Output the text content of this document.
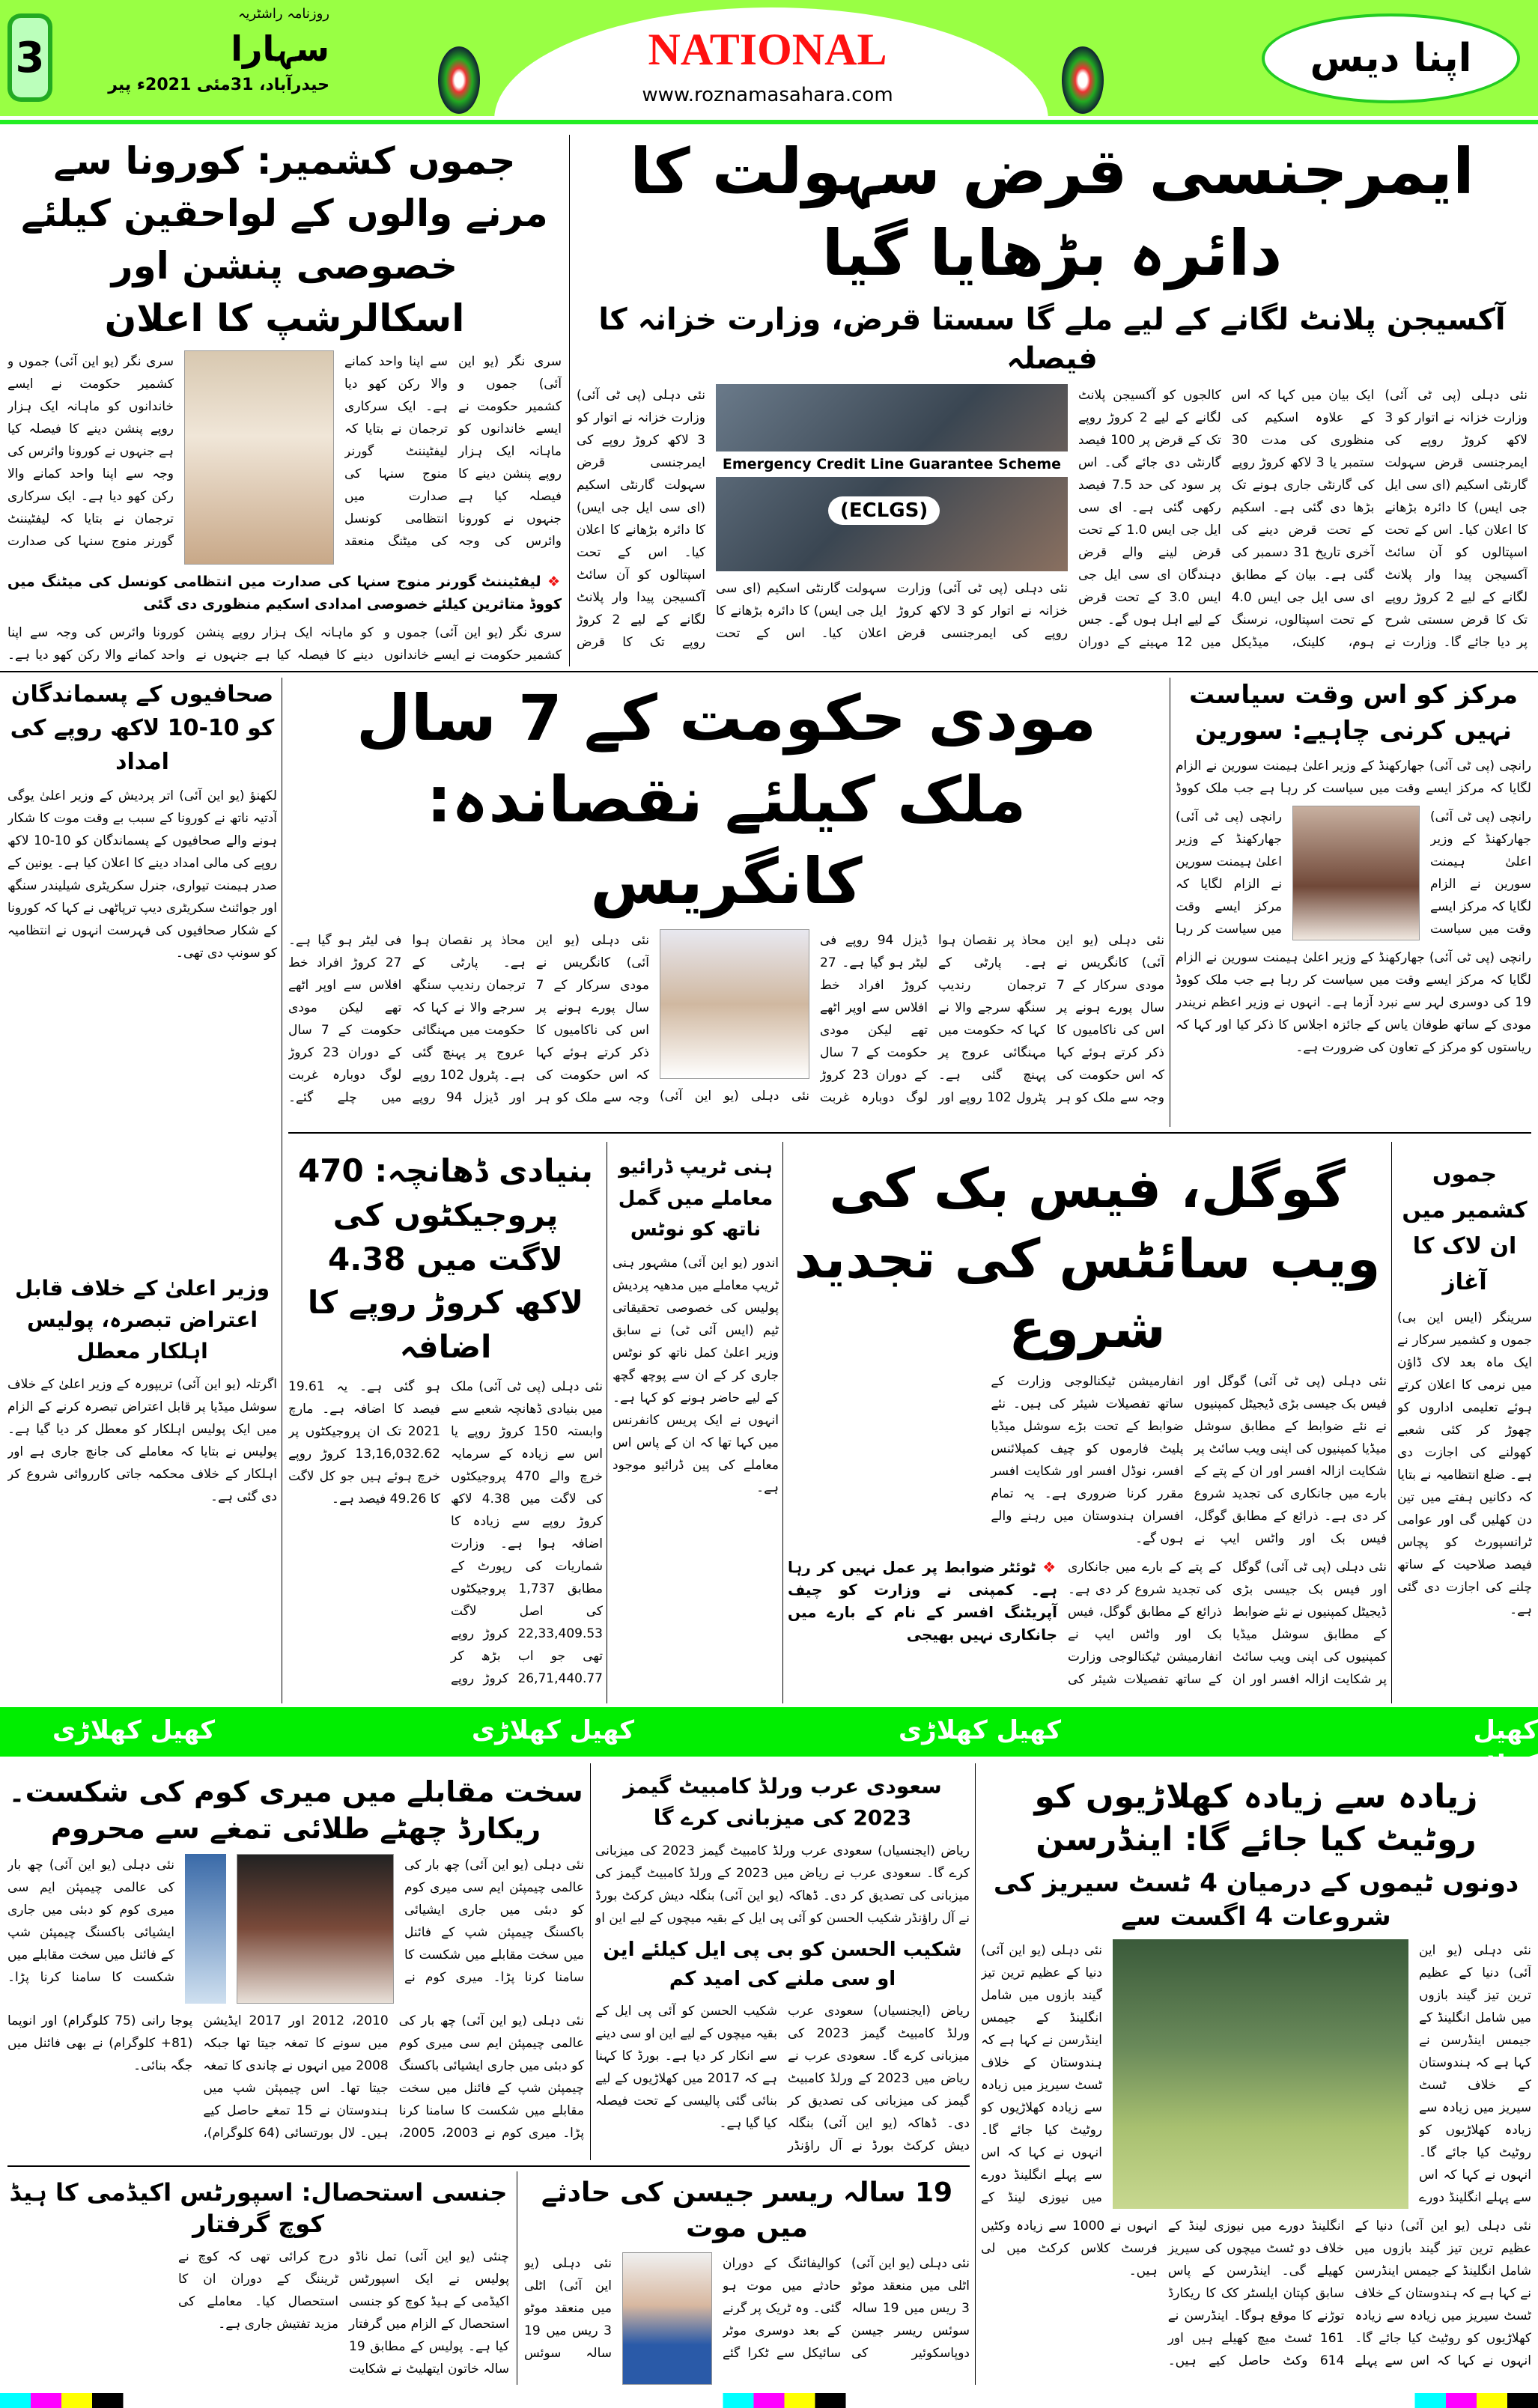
3
روزنامہ راشٹریہ
سہارا
حیدرآباد، 31مئی 2021ء پیر
NATIONAL
www.roznamasahara.com
اپنا دیس
ایمرجنسی قرض سہولت کا دائرہ بڑھایا گیا
آکسیجن پلانٹ لگانے کے لیے ملے گا سستا قرض، وزارت خزانہ کا فیصلہ
نئی دہلی (پی ٹی آئی) وزارت خزانہ نے اتوار کو 3 لاکھ کروڑ روپے کی ایمرجنسی قرض سہولت گارنٹی اسکیم (ای سی ایل جی ایس) کا دائرہ بڑھانے کا اعلان کیا۔ اس کے تحت اسپتالوں کو آن سائٹ آکسیجن پیدا وار پلانٹ لگانے کے لیے 2 کروڑ روپے تک کا قرض سستی شرح پر دیا جائے گا۔ وزارت نے ایک بیان میں کہا کہ اس کے علاوہ اسکیم کی منظوری کی مدت 30 ستمبر یا 3 لاکھ کروڑ روپے کی گارنٹی جاری ہونے تک بڑھا دی گئی ہے۔ اسکیم کے تحت قرض دینے کی آخری تاریخ 31 دسمبر کی گئی ہے۔ بیان کے مطابق ای سی ایل جی ایس 4.0 کے تحت اسپتالوں، نرسنگ ہوم، کلینک، میڈیکل کالجوں کو آکسیجن پلانٹ لگانے کے لیے 2 کروڑ روپے تک کے قرض پر 100 فیصد گارنٹی دی جائے گی۔ اس پر سود کی حد 7.5 فیصد رکھی گئی ہے۔ ای سی ایل جی ایس 1.0 کے تحت قرض لینے والے قرض دہندگان ای سی ایل جی ایس 3.0 کے تحت قرض کے لیے اہل ہوں گے۔ جس میں 12 مہینے کے دوران
Emergency Credit Line Guarantee Scheme
(ECLGS)
نئی دہلی (پی ٹی آئی) وزارت خزانہ نے اتوار کو 3 لاکھ کروڑ روپے کی ایمرجنسی قرض سہولت گارنٹی اسکیم (ای سی ایل جی ایس) کا دائرہ بڑھانے کا اعلان کیا۔ اس کے تحت
نئی دہلی (پی ٹی آئی) وزارت خزانہ نے اتوار کو 3 لاکھ کروڑ روپے کی ایمرجنسی قرض سہولت گارنٹی اسکیم (ای سی ایل جی ایس) کا دائرہ بڑھانے کا اعلان کیا۔ اس کے تحت اسپتالوں کو آن سائٹ آکسیجن پیدا وار پلانٹ لگانے کے لیے 2 کروڑ روپے تک کا قرض
جموں کشمیر: کورونا سے مرنے والوں کے لواحقین کیلئے خصوصی پنشن اور اسکالرشپ کا اعلان
سری نگر (یو این آئی) جموں و کشمیر حکومت نے ایسے خاندانوں کو ماہانہ ایک ہزار روپے پنشن دینے کا فیصلہ کیا ہے جنہوں نے کورونا وائرس کی وجہ سے اپنا واحد کمانے والا رکن کھو دیا ہے۔ ایک سرکاری ترجمان نے بتایا کہ لیفٹیننٹ گورنر منوج سنہا کی صدارت میں انتظامی کونسل کی میٹنگ منعقد
سری نگر (یو این آئی) جموں و کشمیر حکومت نے ایسے خاندانوں کو ماہانہ ایک ہزار روپے پنشن دینے کا فیصلہ کیا ہے جنہوں نے کورونا وائرس کی وجہ سے اپنا واحد کمانے والا رکن کھو دیا ہے۔ ایک سرکاری ترجمان نے بتایا کہ لیفٹیننٹ گورنر منوج سنہا کی صدارت
❖ لیفٹیننٹ گورنر منوج سنہا کی صدارت میں انتظامی کونسل کی میٹنگ میں کووڈ متاثرین کیلئے خصوصی امدادی اسکیم منظوری دی گئی
سری نگر (یو این آئی) جموں و کشمیر حکومت نے ایسے خاندانوں کو ماہانہ ایک ہزار روپے پنشن دینے کا فیصلہ کیا ہے جنہوں نے کورونا وائرس کی وجہ سے اپنا واحد کمانے والا رکن کھو دیا ہے۔
صحافیوں کے پسماندگان کو 10-10 لاکھ روپے کی امداد
لکھنؤ (یو این آئی) اتر پردیش کے وزیر اعلیٰ یوگی آدتیہ ناتھ نے کورونا کے سبب بے وقت موت کا شکار ہونے والے صحافیوں کے پسماندگان کو 10-10 لاکھ روپے کی مالی امداد دینے کا اعلان کیا ہے۔ یونین کے صدر ہیمنت تیواری، جنرل سکریٹری شیلیندر سنگھ اور جوائنٹ سکریٹری دیپ ترپاٹھی نے کہا کہ کورونا کے شکار صحافیوں کی فہرست انہوں نے انتظامیہ کو سونپ دی تھی۔
مودی حکومت کے 7 سال ملک کیلئے نقصاندہ: کانگریس
نئی دہلی (یو این آئی) کانگریس نے مودی سرکار کے 7 سال پورے ہونے پر اس کی ناکامیوں کا ذکر کرتے ہوئے کہا کہ اس حکومت کی وجہ سے ملک کو ہر محاذ پر نقصان ہوا ہے۔ پارٹی کے ترجمان رندیپ سنگھ سرجے والا نے کہا کہ حکومت میں مہنگائی عروج پر پہنچ گئی ہے۔ پٹرول 102 روپے اور ڈیزل 94 روپے فی لیٹر ہو گیا ہے۔ 27 کروڑ افراد خط افلاس سے اوپر اٹھے تھے لیکن مودی حکومت کے 7 سال کے دوران 23 کروڑ لوگ دوبارہ غربت
نئی دہلی (یو این آئی)
نئی دہلی (یو این آئی) کانگریس نے مودی سرکار کے 7 سال پورے ہونے پر اس کی ناکامیوں کا ذکر کرتے ہوئے کہا کہ اس حکومت کی وجہ سے ملک کو ہر محاذ پر نقصان ہوا ہے۔ پارٹی کے ترجمان رندیپ سنگھ سرجے والا نے کہا کہ حکومت میں مہنگائی عروج پر پہنچ گئی ہے۔ پٹرول 102 روپے اور ڈیزل 94 روپے فی لیٹر ہو گیا ہے۔ 27 کروڑ افراد خط افلاس سے اوپر اٹھے تھے لیکن مودی حکومت کے 7 سال کے دوران 23 کروڑ لوگ دوبارہ غربت میں چلے گئے۔
مرکز کو اس وقت سیاست نہیں کرنی چاہیے: سورین
رانچی (پی ٹی آئی) جھارکھنڈ کے وزیر اعلیٰ ہیمنت سورین نے الزام لگایا کہ مرکز ایسے وقت میں سیاست کر رہا ہے جب ملک کووڈ
رانچی (پی ٹی آئی) جھارکھنڈ کے وزیر اعلیٰ ہیمنت سورین نے الزام لگایا کہ مرکز ایسے وقت میں سیاست
رانچی (پی ٹی آئی) جھارکھنڈ کے وزیر اعلیٰ ہیمنت سورین نے الزام لگایا کہ مرکز ایسے وقت میں سیاست کر رہا
رانچی (پی ٹی آئی) جھارکھنڈ کے وزیر اعلیٰ ہیمنت سورین نے الزام لگایا کہ مرکز ایسے وقت میں سیاست کر رہا ہے جب ملک کووڈ 19 کی دوسری لہر سے نبرد آزما ہے۔ انہوں نے وزیر اعظم نریندر مودی کے ساتھ طوفان یاس کے جائزہ اجلاس کا ذکر کیا اور کہا کہ ریاستوں کو مرکز کے تعاون کی ضرورت ہے۔
وزیر اعلیٰ کے خلاف قابل اعتراض تبصرہ، پولیس اہلکار معطل
اگرتلہ (یو این آئی) تریپورہ کے وزیر اعلیٰ کے خلاف سوشل میڈیا پر قابل اعتراض تبصرہ کرنے کے الزام میں ایک پولیس اہلکار کو معطل کر دیا گیا ہے۔ پولیس نے بتایا کہ معاملے کی جانچ جاری ہے اور اہلکار کے خلاف محکمہ جاتی کارروائی شروع کر دی گئی ہے۔
بنیادی ڈھانچہ: 470 پروجیکٹوں کی لاگت میں 4.38 لاکھ کروڑ روپے کا اضافہ
نئی دہلی (پی ٹی آئی) ملک میں بنیادی ڈھانچہ شعبے سے وابستہ 150 کروڑ روپے یا اس سے زیادہ کے سرمایہ خرچ والے 470 پروجیکٹوں کی لاگت میں 4.38 لاکھ کروڑ روپے سے زیادہ کا اضافہ ہوا ہے۔ وزارت شماریات کی رپورٹ کے مطابق 1,737 پروجیکٹوں کی اصل لاگت 22,33,409.53 کروڑ روپے تھی جو اب بڑھ کر 26,71,440.77 کروڑ روپے ہو گئی ہے۔ یہ 19.61 فیصد کا اضافہ ہے۔ مارچ 2021 تک ان پروجیکٹوں پر 13,16,032.62 کروڑ روپے خرچ ہوئے ہیں جو کل لاگت کا 49.26 فیصد ہے۔
ہنی ٹریپ ڈرائیو معاملے میں گمل ناتھ کو نوٹس
اندور (یو این آئی) مشہور ہنی ٹریپ معاملے میں مدھیہ پردیش پولیس کی خصوصی تحقیقاتی ٹیم (ایس آئی ٹی) نے سابق وزیر اعلیٰ کمل ناتھ کو نوٹس جاری کر کے ان سے پوچھ گچھ کے لیے حاضر ہونے کو کہا ہے۔ انہوں نے ایک پریس کانفرنس میں کہا تھا کہ ان کے پاس اس معاملے کی پین ڈرائیو موجود ہے۔
گوگل، فیس بک کی ویب سائٹس کی تجدید شروع
نئی دہلی (پی ٹی آئی) گوگل اور فیس بک جیسی بڑی ڈیجیٹل کمپنیوں نے نئے ضوابط کے مطابق سوشل میڈیا کمپنیوں کی اپنی ویب سائٹ پر شکایت ازالہ افسر اور ان کے پتے کے بارے میں جانکاری کی تجدید شروع کر دی ہے۔ ذرائع کے مطابق گوگل، فیس بک اور واٹس ایپ نے انفارمیشن ٹیکنالوجی وزارت کے ساتھ تفصیلات شیئر کی ہیں۔ نئے ضوابط کے تحت بڑے سوشل میڈیا پلیٹ فارموں کو چیف کمپلائنس افسر، نوڈل افسر اور شکایت افسر مقرر کرنا ضروری ہے۔ یہ تمام افسران ہندوستان میں رہنے والے ہوں گے۔
نئی دہلی (پی ٹی آئی) گوگل اور فیس بک جیسی بڑی ڈیجیٹل کمپنیوں نے نئے ضوابط کے مطابق سوشل میڈیا کمپنیوں کی اپنی ویب سائٹ پر شکایت ازالہ افسر اور ان کے پتے کے بارے میں جانکاری کی تجدید شروع کر دی ہے۔ ذرائع کے مطابق گوگل، فیس بک اور واٹس ایپ نے انفارمیشن ٹیکنالوجی وزارت کے ساتھ تفصیلات شیئر کی
❖ ٹوئٹر ضوابط پر عمل نہیں کر رہا ہے۔ کمپنی نے وزارت کو چیف آپریٹنگ افسر کے نام کے بارے میں جانکاری نہیں بھیجی
جموں کشمیر میں ان لاک کا آغاز
سرینگر (ایس این بی) جموں و کشمیر سرکار نے ایک ماہ بعد لاک ڈاؤن میں نرمی کا اعلان کرتے ہوئے تعلیمی اداروں کو چھوڑ کر کئی شعبے کھولنے کی اجازت دی ہے۔ ضلع انتظامیہ نے بتایا کہ دکانیں ہفتے میں تین دن کھلیں گی اور عوامی ٹرانسپورٹ کو پچاس فیصد صلاحیت کے ساتھ چلنے کی اجازت دی گئی ہے۔
کھیل کھلاڑی
کھیل کھلاڑی
کھیل کھلاڑی
کھیل کھلاڑی
زیادہ سے زیادہ کھلاڑیوں کو روٹیٹ کیا جائے گا: اینڈرسن
دونوں ٹیموں کے درمیان 4 ٹسٹ سیریز کی شروعات 4 اگست سے
نئی دہلی (یو این آئی) دنیا کے عظیم ترین تیز گیند بازوں میں شامل انگلینڈ کے جیمس اینڈرسن نے کہا ہے کہ ہندوستان کے خلاف ٹسٹ سیریز میں زیادہ سے زیادہ کھلاڑیوں کو روٹیٹ کیا جائے گا۔ انہوں نے کہا کہ اس سے پہلے انگلینڈ دورے
نئی دہلی (یو این آئی) دنیا کے عظیم ترین تیز گیند بازوں میں شامل انگلینڈ کے جیمس اینڈرسن نے کہا ہے کہ ہندوستان کے خلاف ٹسٹ سیریز میں زیادہ سے زیادہ کھلاڑیوں کو روٹیٹ کیا جائے گا۔ انہوں نے کہا کہ اس سے پہلے انگلینڈ دورے میں نیوزی لینڈ کے
نئی دہلی (یو این آئی) دنیا کے عظیم ترین تیز گیند بازوں میں شامل انگلینڈ کے جیمس اینڈرسن نے کہا ہے کہ ہندوستان کے خلاف ٹسٹ سیریز میں زیادہ سے زیادہ کھلاڑیوں کو روٹیٹ کیا جائے گا۔ انہوں نے کہا کہ اس سے پہلے انگلینڈ دورے میں نیوزی لینڈ کے خلاف دو ٹسٹ میچوں کی سیریز کھیلے گی۔ اینڈرسن کے پاس سابق کپتان ایلسٹر کک کا ریکارڈ توڑنے کا موقع ہوگا۔ اینڈرسن نے 161 ٹسٹ میچ کھیلے ہیں اور 614 وکٹ حاصل کیے ہیں۔ انہوں نے 1000 سے زیادہ وکٹیں فرسٹ کلاس کرکٹ میں لی ہیں۔
سعودی عرب ورلڈ کامبیٹ گیمز 2023 کی میزبانی کرے گا
ریاض (ایجنسیاں) سعودی عرب ورلڈ کامبیٹ گیمز 2023 کی میزبانی کرے گا۔ سعودی عرب نے ریاض میں 2023 کے ورلڈ کامبیٹ گیمز کی میزبانی کی تصدیق کر دی۔ ڈھاکہ (یو این آئی) بنگلہ دیش کرکٹ بورڈ نے آل راؤنڈر شکیب الحسن کو آئی پی ایل کے بقیہ میچوں کے لیے این او
شکیب الحسن کو بی پی ایل کیلئے این او سی ملنے کی امید کم
ریاض (ایجنسیاں) سعودی عرب ورلڈ کامبیٹ گیمز 2023 کی میزبانی کرے گا۔ سعودی عرب نے ریاض میں 2023 کے ورلڈ کامبیٹ گیمز کی میزبانی کی تصدیق کر دی۔ ڈھاکہ (یو این آئی) بنگلہ دیش کرکٹ بورڈ نے آل راؤنڈر شکیب الحسن کو آئی پی ایل کے بقیہ میچوں کے لیے این او سی دینے سے انکار کر دیا ہے۔ بورڈ کا کہنا ہے کہ 2017 میں کھلاڑیوں کے لیے بنائی گئی پالیسی کے تحت فیصلہ کیا گیا ہے۔
سخت مقابلے میں میری کوم کی شکست۔ ریکارڈ چھٹے طلائی تمغے سے محروم
نئی دہلی (یو این آئی) چھ بار کی عالمی چیمپئن ایم سی میری کوم کو دبئی میں جاری ایشیائی باکسنگ چیمپئن شپ کے فائنل میں سخت مقابلے میں شکست کا سامنا کرنا پڑا۔ میری کوم نے
نئی دہلی (یو این آئی) چھ بار کی عالمی چیمپئن ایم سی میری کوم کو دبئی میں جاری ایشیائی باکسنگ چیمپئن شپ کے فائنل میں سخت مقابلے میں شکست کا سامنا کرنا پڑا۔
نئی دہلی (یو این آئی) چھ بار کی عالمی چیمپئن ایم سی میری کوم کو دبئی میں جاری ایشیائی باکسنگ چیمپئن شپ کے فائنل میں سخت مقابلے میں شکست کا سامنا کرنا پڑا۔ میری کوم نے 2003، 2005، 2010، 2012 اور 2017 ایڈیشن میں سونے کا تمغہ جیتا تھا جبکہ 2008 میں انہوں نے چاندی کا تمغہ جیتا تھا۔ اس چیمپئن شپ میں ہندوستان نے 15 تمغے حاصل کیے ہیں۔ لال بورتسائی (64 کلوگرام)، پوجا رانی (75 کلوگرام) اور انوپما (81+ کلوگرام) نے بھی فائنل میں جگہ بنائی۔
19 سالہ ریسر جیسن کی حادثے میں موت
نئی دہلی (یو این آئی) اٹلی میں منعقد موٹو 3 ریس میں 19 سالہ سوئس ریسر جیسن دوپاسکوئیر کی کوالیفائنگ کے دوران حادثے میں موت ہو گئی۔ وہ ٹریک پر گرنے کے بعد دوسری موٹر سائیکل سے ٹکرا گئے
نئی دہلی (یو این آئی) اٹلی میں منعقد موٹو 3 ریس میں 19 سالہ سوئس
جنسی استحصال: اسپورٹس اکیڈمی کا ہیڈ کوچ گرفتار
چنئی (یو این آئی) تمل ناڈو پولیس نے ایک اسپورٹس اکیڈمی کے ہیڈ کوچ کو جنسی استحصال کے الزام میں گرفتار کیا ہے۔ پولیس کے مطابق 19 سالہ خاتون ایتھلیٹ نے شکایت درج کرائی تھی کہ کوچ نے ٹریننگ کے دوران ان کا استحصال کیا۔ معاملے کی مزید تفتیش جاری ہے۔
